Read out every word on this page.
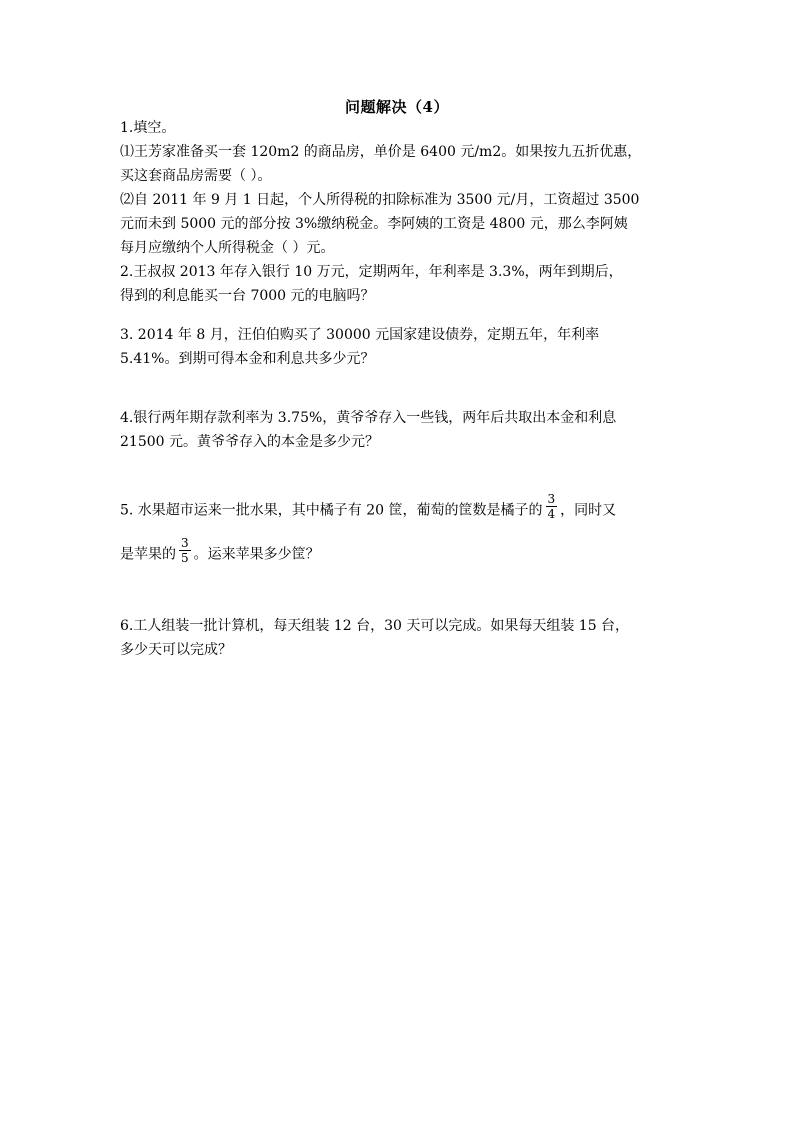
问题解决（4）
1.填空。
⑴王芳家准备买一套 120m2 的商品房，单价是 6400 元/m2。如果按九五折优惠，
买这套商品房需要（ ）。
⑵自 2011 年 9 月 1 日起，个人所得税的扣除标准为 3500 元/月，工资超过 3500
元而未到 5000 元的部分按 3%缴纳税金。李阿姨的工资是 4800 元，那么李阿姨
每月应缴纳个人所得税金（ ）元。
2.王叔叔 2013 年存入银行 10 万元，定期两年，年利率是 3.3%，两年到期后，
得到的利息能买一台 7000 元的电脑吗？
3. 2014 年 8 月，汪伯伯购买了 30000 元国家建设债券，定期五年，年利率
5.41%。到期可得本金和利息共多少元？
4.银行两年期存款利率为 3.75%，黄爷爷存入一些钱，两年后共取出本金和利息
21500 元。黄爷爷存入的本金是多少元？
5. 水果超市运来一批水果，其中橘子有 20 筐，葡萄的筐数是橘子的 $\frac{3}{4}$ ，同时又
是苹果的 $\frac{3}{5}$ 。运来苹果多少筐？
6.工人组装一批计算机，每天组装 12 台，30 天可以完成。如果每天组装 15 台，
多少天可以完成？
